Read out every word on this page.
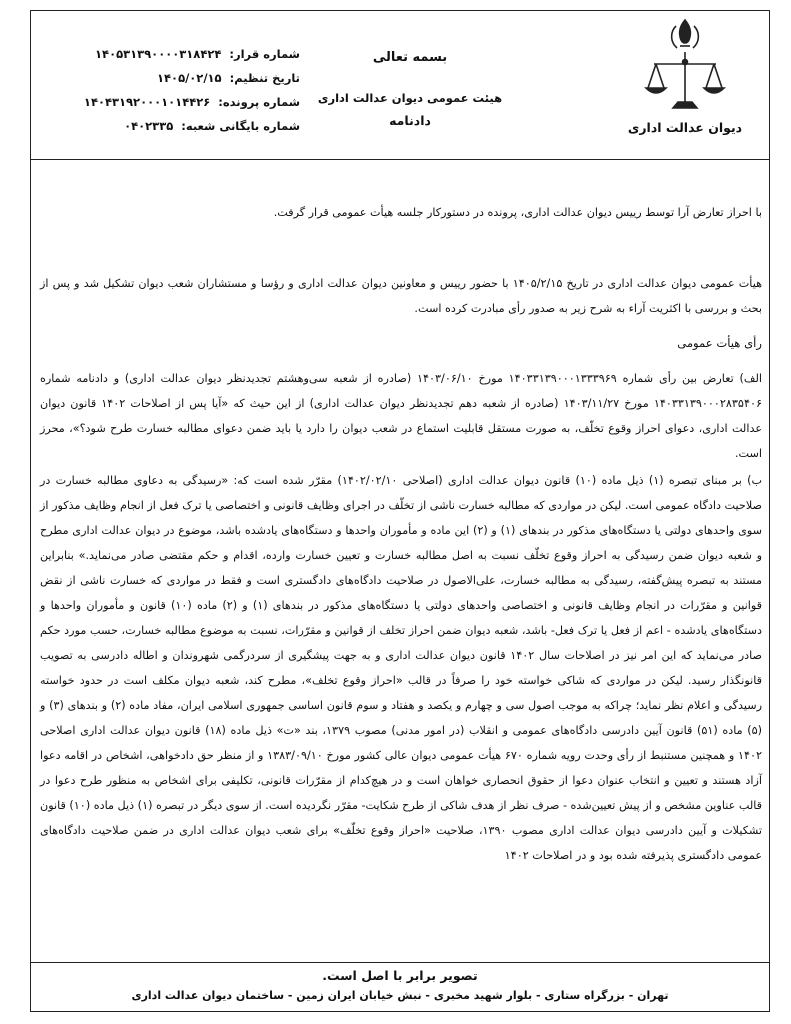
دیوان عدالت اداری
بسمه تعالی
هیئت عمومی دیوان عدالت اداری
دادنامه
شماره قرار: ۱۴۰۵۳۱۳۹۰۰۰۰۳۱۸۴۲۴
تاریخ تنظیم: ۱۴۰۵/۰۲/۱۵
شماره پرونده: ۱۴۰۴۳۱۹۲۰۰۰۱۰۱۴۴۲۶
شماره بایگانی شعبه: ۰۴۰۲۳۳۵

با احراز تعارض آرا توسط رییس دیوان عدالت اداری، پرونده در دستورکار جلسه هیأت عمومی قرار گرفت.

هیأت عمومی دیوان عدالت اداری در تاریخ ۱۴۰۵/۲/۱۵ با حضور رییس و معاونین دیوان عدالت اداری و رؤسا و مستشاران شعب دیوان تشکیل شد و پس از بحث و بررسی با اکثریت آراء به شرح زیر به صدور رأی مبادرت کرده است.

رأی هیأت عمومی

الف) تعارض بین رأی شماره ۱۴۰۳۳۱۳۹۰۰۰۱۳۳۳۹۶۹ مورخ ۱۴۰۳/۰۶/۱۰ (صادره از شعبه سی‌وهشتم تجدیدنظر دیوان عدالت اداری) و دادنامه شماره ۱۴۰۳۳۱۳۹۰۰۰۲۸۳۵۴۰۶ مورخ ۱۴۰۳/۱۱/۲۷ (صادره از شعبه دهم تجدیدنظر دیوان عدالت اداری) از این حیث که «آیا پس از اصلاحات ۱۴۰۲ قانون دیوان عدالت اداری، دعوای احراز وقوع تخلّف، به صورت مستقل قابلیت استماع در شعب دیوان را دارد یا باید ضمن دعوای مطالبه خسارت طرح شود؟»، محرز است.

ب) بر مبنای تبصره (۱) ذیل ماده (۱۰) قانون دیوان عدالت اداری (اصلاحی ۱۴۰۲/۰۲/۱۰) مقرّر شده است که: «رسیدگی به دعاوی مطالبه خسارت در صلاحیت دادگاه عمومی است. لیکن در مواردی که مطالبه خسارت ناشی از تخلّف در اجرای وظایف قانونی و اختصاصی یا ترک فعل از انجام وظایف مذکور از سوی واحدهای دولتی یا دستگاه‌های مذکور در بندهای (۱) و (۲) این ماده و مأموران واحدها و دستگاه‌های یادشده باشد، موضوع در دیوان عدالت اداری مطرح و شعبه دیوان ضمن رسیدگی به احراز وقوع تخلّف نسبت به اصل مطالبه خسارت و تعیین خسارت وارده، اقدام و حکم مقتضی صادر می‌نماید.» بنابراین مستند به تبصره پیش‌گفته، رسیدگی به مطالبه خسارت، علی‌الاصول در صلاحیت دادگاه‌های دادگستری است و فقط در مواردی که خسارت ناشی از نقض قوانین و مقرّرات در انجام وظایف قانونی و اختصاصی واحدهای دولتی یا دستگاه‌های مذکور در بندهای (۱) و (۲) ماده (۱۰) قانون و مأموران واحدها و دستگاه‌های یادشده - اعم از فعل یا ترک فعل- باشد، شعبه دیوان ضمن احراز تخلف از قوانین و مقرّرات، نسبت به موضوع مطالبه خسارت، حسب مورد حکم صادر می‌نماید که این امر نیز در اصلاحات سال ۱۴۰۲ قانون دیوان عدالت اداری و به جهت پیشگیری از سردرگمی شهروندان و اطاله دادرسی به تصویب قانونگذار رسید. لیکن در مواردی که شاکی خواسته خود را صرفاً در قالب «احراز وقوع تخلف»، مطرح کند، شعبه دیوان مکلف است در حدود خواسته رسیدگی و اعلام نظر نماید؛ چراکه به موجب اصول سی و چهارم و یکصد و هفتاد و سوم قانون اساسی جمهوری اسلامی ایران، مفاد ماده (۲) و بندهای (۳) و (۵) ماده (۵۱) قانون آیین دادرسی دادگاه‌های عمومی و انقلاب (در امور مدنی) مصوب ۱۳۷۹، بند «ت» ذیل ماده (۱۸) قانون دیوان عدالت اداری اصلاحی ۱۴۰۲ و همچنین مستنبط از رأی وحدت رویه شماره ۶۷۰ هیأت عمومی دیوان عالی کشور مورخ ۱۳۸۳/۰۹/۱۰ و از منظر حق دادخواهی، اشخاص در اقامه دعوا آزاد هستند و تعیین و انتخاب عنوان دعوا از حقوق انحصاری خواهان است و در هیچ‌کدام از مقرّرات قانونی، تکلیفی برای اشخاص به منظور طرح دعوا در قالب عناوین مشخص و از پیش تعیین‌شده - صرف نظر از هدف شاکی از طرح شکایت- مقرّر نگردیده است. از سوی دیگر در تبصره (۱) ذیل ماده (۱۰) قانون تشکیلات و آیین دادرسی دیوان عدالت اداری مصوب ۱۳۹۰، صلاحیت «احراز وقوع تخلّف» برای شعب دیوان عدالت اداری در ضمن صلاحیت دادگاه‌های عمومی دادگستری پذیرفته شده بود و در اصلاحات ۱۴۰۲

تصویر برابر با اصل است.
تهران - بزرگراه ستاری - بلوار شهید مخبری - نبش خیابان ایران زمین - ساختمان دیوان عدالت اداری
